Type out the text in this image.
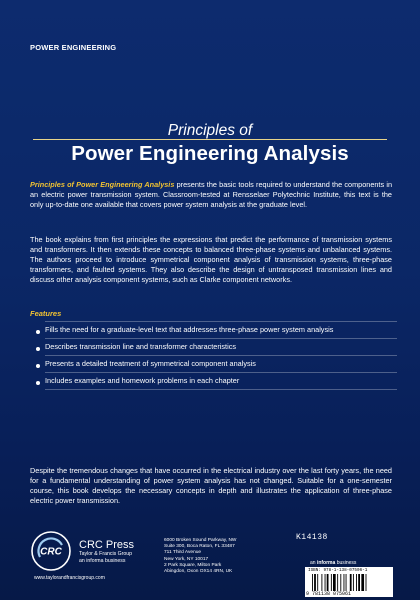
POWER ENGINEERING
Principles of
Power Engineering Analysis
Principles of Power Engineering Analysis presents the basic tools required to understand the components in an electric power transmission system. Classroom-tested at Rensselaer Polytechnic Institute, this text is the only up-to-date one available that covers power system analysis at the graduate level.
The book explains from first principles the expressions that predict the performance of transmission systems and transformers. It then extends these concepts to balanced three-phase systems and unbalanced systems. The authors proceed to introduce symmetrical component analysis of transmission systems, three-phase transformers, and faulted systems. They also describe the design of untransposed transmission lines and discuss other analysis component systems, such as Clarke component networks.
Features
Fills the need for a graduate-level text that addresses three-phase power system analysis
Describes transmission line and transformer characteristics
Presents a detailed treatment of symmetrical component analysis
Includes examples and homework problems in each chapter
Despite the tremendous changes that have occurred in the electrical industry over the last forty years, the need for a fundamental understanding of power system analysis has not changed. Suitable for a one-semester course, this book develops the necessary concepts in depth and illustrates the application of three-phase electric power transmission.
CRC
CRC Press
Taylor & Francis Group
an informa business
www.taylorandfrancisgroup.com
6000 Broken Sound Parkway, NW
Suite 300, Boca Raton, FL 33487
711 Third Avenue
New York, NY 10017
2 Park Square, Milton Park
Abingdon, Oxon OX14 4RN, UK
K14138
an informa business
ISBN: 978-1-138-07506-1
9 781138 075061
